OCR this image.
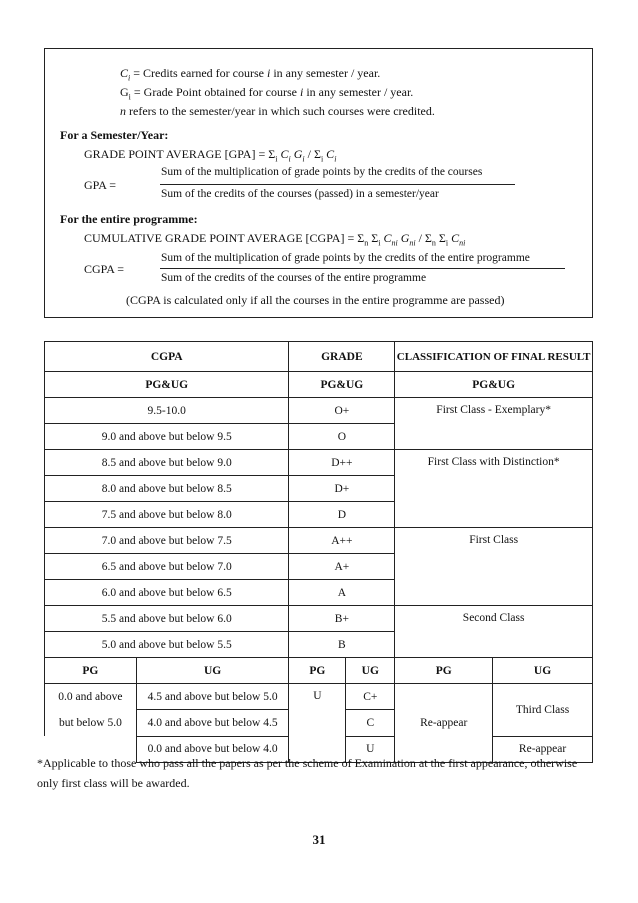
$C_i$ = Credits earned for course i in any semester / year.
$G_i$ = Grade Point obtained for course i in any semester / year.
n refers to the semester/year in which such courses were credited.
For a Semester/Year:
GRADE POINT AVERAGE $[GPA] = \Sigma_i$ $C_i$ $G_i / \Sigma_i$ $C_i$
GPA =
Sum of the multiplication of grade points by the credits of the courses
Sum of the credits of the courses (passed) in a semester/year
For the entire programme:
CUMULATIVE GRADE POINT AVERAGE [CGPA] = $\Sigma_n$ $\Sigma_i$ $C_{ni}$ $G_{ni} / \Sigma_n$ $\Sigma_i$ $C_{ni}$
CGPA =
Sum of the multiplication of grade points by the credits of the entire programme
Sum of the credits of the courses of the entire programme
(CGPA is calculated only if all the courses in the entire programme are passed)
CGPA		GRADE		CLASSIFICATION OF FINAL RESULT	
PG&UG		PG&UG		PG&UG	
9.5-10.0		O+		First Class - Exemplary*	
9.0 and above but below 9.5		O			
8.5 and above but below 9.0		D++		First Class with Distinction*	
8.0 and above but below 8.5		D+			
7.5 and above but below 8.0		D			
7.0 and above but below 7.5		A++		First Class	
6.5 and above but below 7.0		A+			
6.0 and above but below 6.5		A			
5.5 and above but below 6.0		B+		Second Class	
5.0 and above but below 5.5		B			
PG	UG	PG	UG	PG	UG

0.0 and above
but below 5.0	4.5 and above but below 5.0	U	C+	Re-appear	Third Class
	4.0 and above but below 4.5		C		
	0.0 and above but below 4.0		U		Re-appear
*Applicable to those who pass all the papers as per the scheme of Examination at the first appearance, otherwise only first class will be awarded.
31
